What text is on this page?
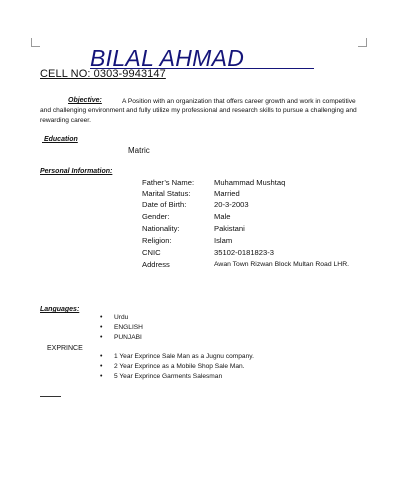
BILAL AHMAD
CELL NO: 0303-9943147
A Position with an organization that offers career growth and work in competitive and challenging environment and fully utilize my professional and research skills to pursue a challenging and rewarding career.
Objective:
Education
Matric
Personal Information:
Father’s Name:	Muhammad Mushtaq
Marital Status:	Married
Date of Birth:	20-3-2003
Gender:	Male
Nationality:	Pakistani
Religion:	Islam
CNIC	35102-0181823-3
Address	Awan Town Rizwan Block Multan Road LHR.
Languages:
• Urdu
• ENGLISH
• PUNJABI
EXPRINCE
• 1 Year Exprince Sale Man as a Jugnu company.
• 2 Year Exprince as a Mobile Shop Sale Man.
• 5 Year Exprince Garments Salesman
